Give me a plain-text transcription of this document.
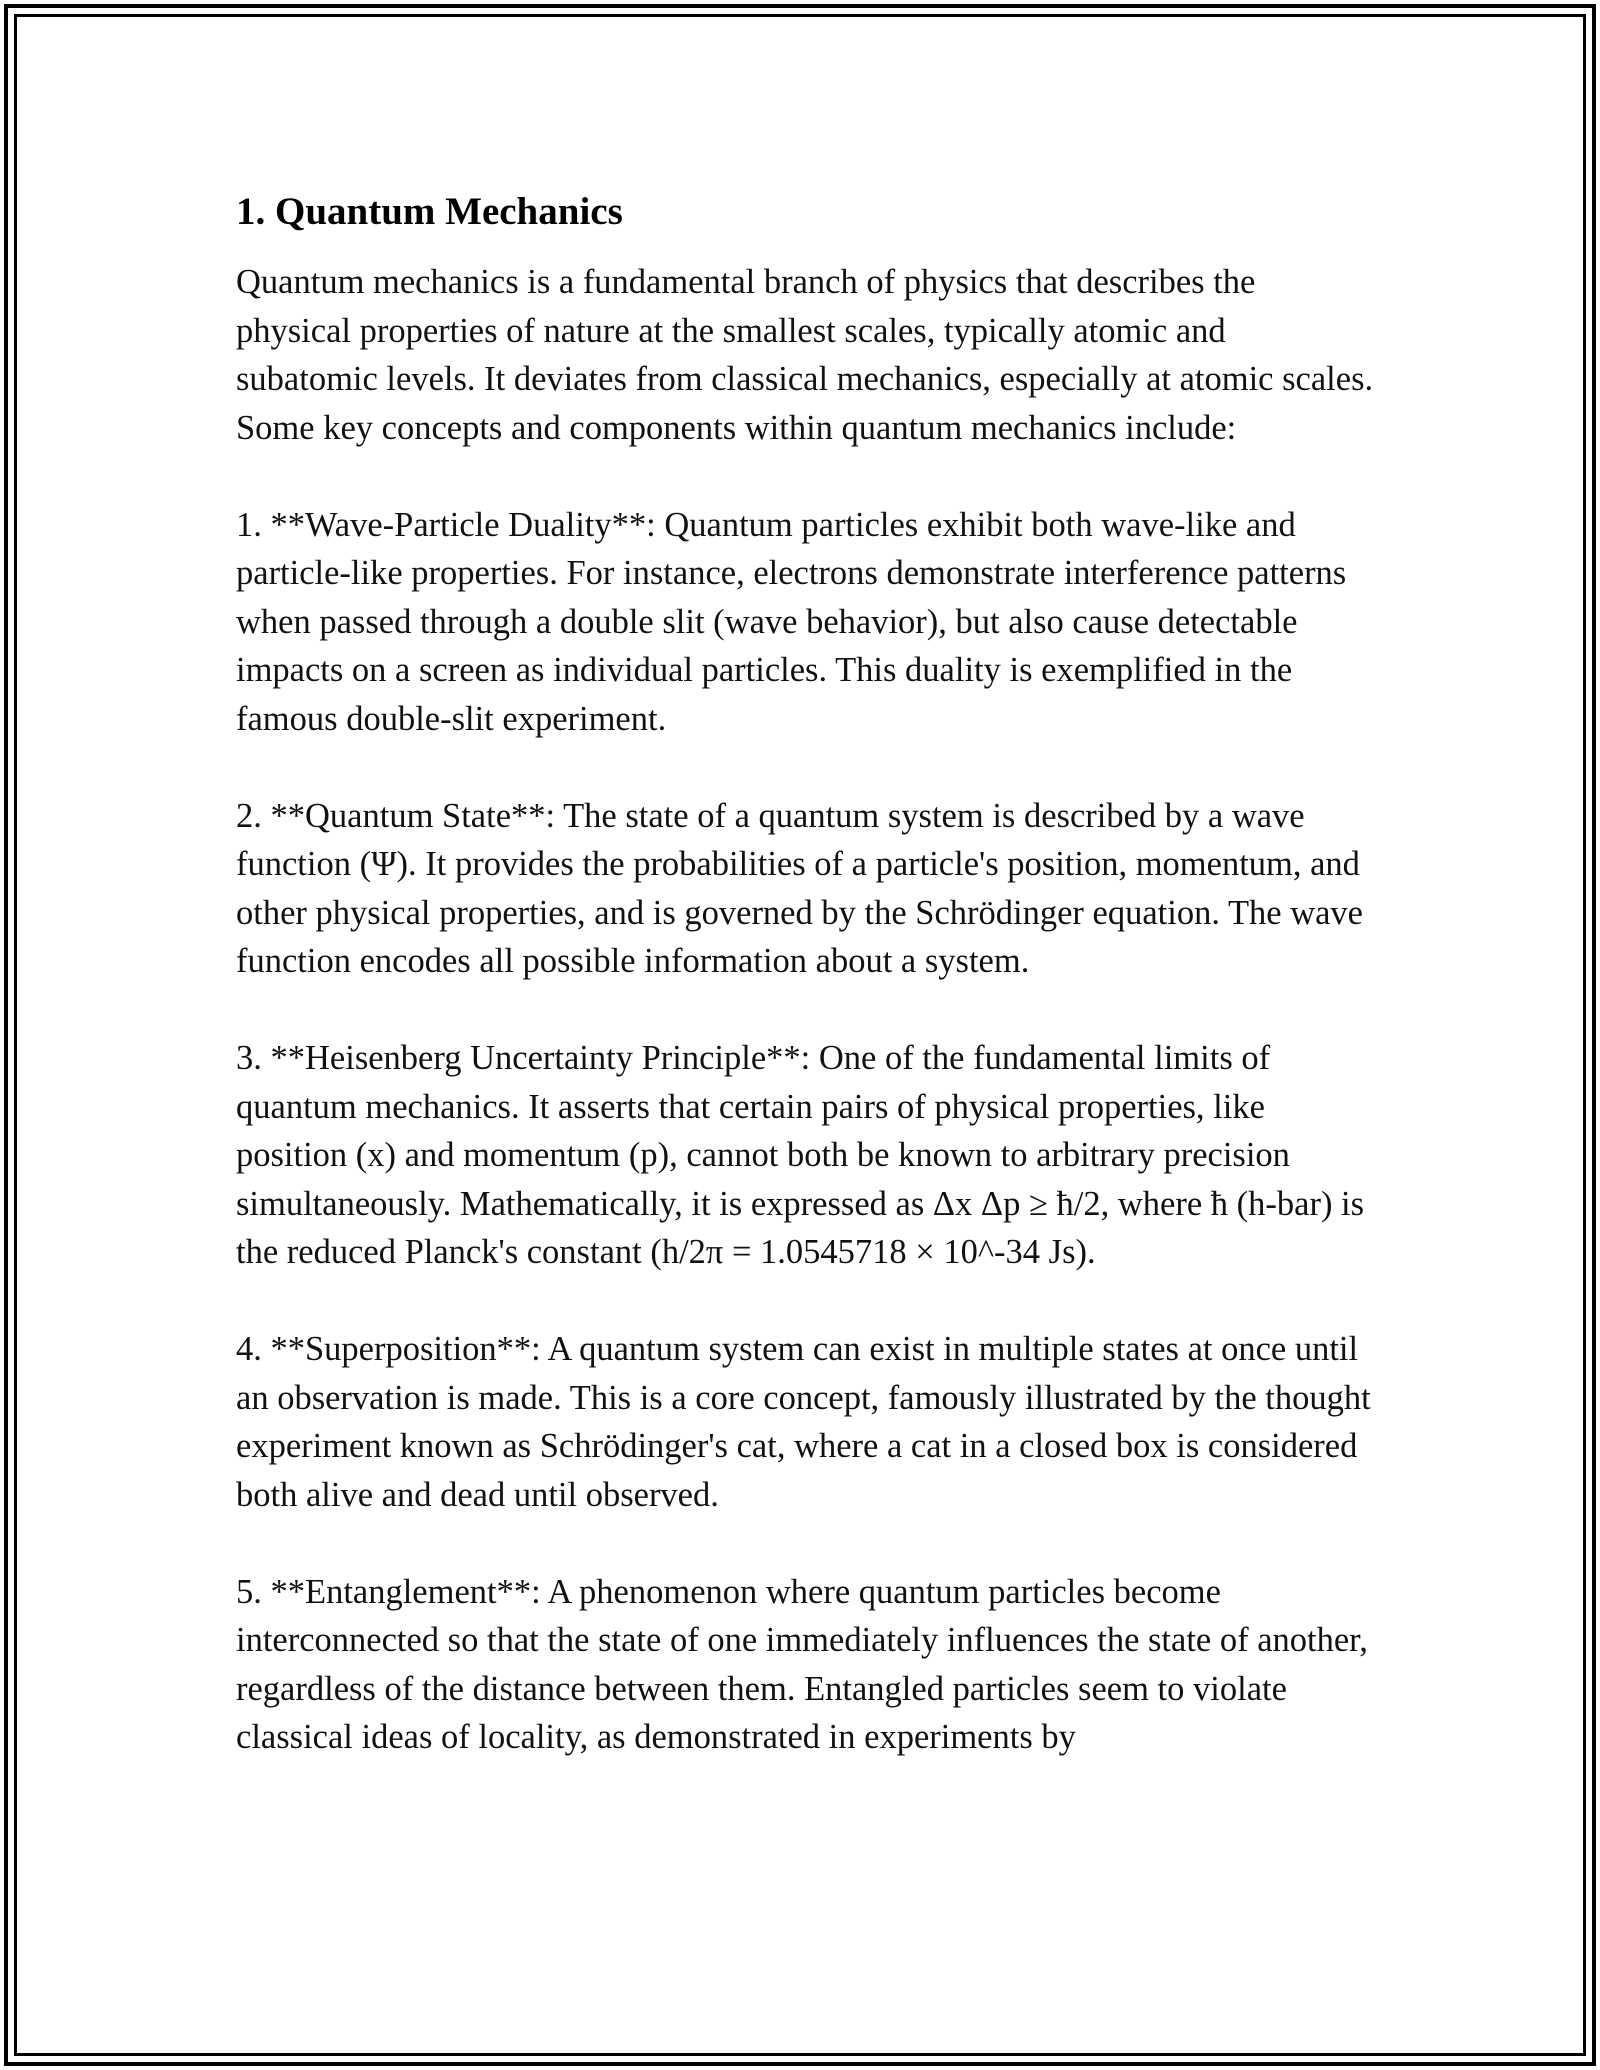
1. Quantum Mechanics

Quantum mechanics is a fundamental branch of physics that describes the physical properties of nature at the smallest scales, typically atomic and subatomic levels. It deviates from classical mechanics, especially at atomic scales. Some key concepts and components within quantum mechanics include:

1. **Wave-Particle Duality**: Quantum particles exhibit both wave-like and particle-like properties. For instance, electrons demonstrate interference patterns when passed through a double slit (wave behavior), but also cause detectable impacts on a screen as individual particles. This duality is exemplified in the famous double-slit experiment.

2. **Quantum State**: The state of a quantum system is described by a wave function (Ψ). It provides the probabilities of a particle's position, momentum, and other physical properties, and is governed by the Schrödinger equation. The wave function encodes all possible information about a system.

3. **Heisenberg Uncertainty Principle**: One of the fundamental limits of quantum mechanics. It asserts that certain pairs of physical properties, like position (x) and momentum (p), cannot both be known to arbitrary precision simultaneously. Mathematically, it is expressed as Δx Δp ≥ ħ/2, where ħ (h-bar) is the reduced Planck's constant (h/2π = 1.0545718 × 10^-34 Js).

4. **Superposition**: A quantum system can exist in multiple states at once until an observation is made. This is a core concept, famously illustrated by the thought experiment known as Schrödinger's cat, where a cat in a closed box is considered both alive and dead until observed.

5. **Entanglement**: A phenomenon where quantum particles become interconnected so that the state of one immediately influences the state of another, regardless of the distance between them. Entangled particles seem to violate classical ideas of locality, as demonstrated in experiments by
